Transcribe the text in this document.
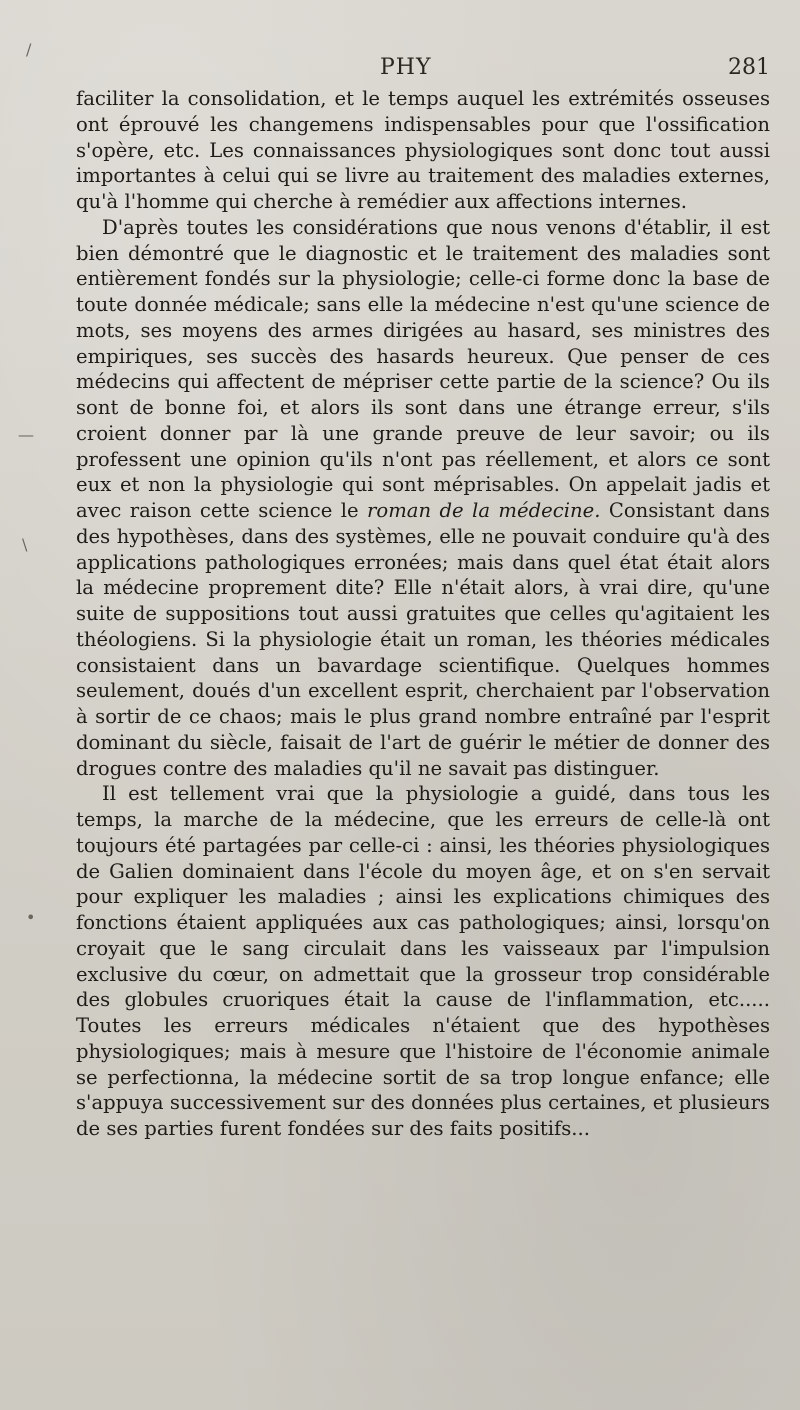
/
—
\
•
PHY	281

faciliter la consolidation, et le temps auquel les extrémités osseuses ont éprouvé les changemens indispensables pour que l'ossification s'opère, etc. Les connaissances physiologiques sont donc tout aussi importantes à celui qui se livre au traitement des maladies externes, qu'à l'homme qui cherche à remédier aux affections internes.

D'après toutes les considérations que nous venons d'établir, il est bien démontré que le diagnostic et le traitement des maladies sont entièrement fondés sur la physiologie; celle-ci forme donc la base de toute donnée médicale; sans elle la médecine n'est qu'une science de mots, ses moyens des armes dirigées au hasard, ses ministres des empiriques, ses succès des hasards heureux. Que penser de ces médecins qui affectent de mépriser cette partie de la science? Ou ils sont de bonne foi, et alors ils sont dans une étrange erreur, s'ils croient donner par là une grande preuve de leur savoir; ou ils professent une opinion qu'ils n'ont pas réellement, et alors ce sont eux et non la physiologie qui sont méprisables. On appelait jadis et avec raison cette science le roman de la médecine. Consistant dans des hypothèses, dans des systèmes, elle ne pouvait conduire qu'à des applications pathologiques erronées; mais dans quel état était alors la médecine proprement dite? Elle n'était alors, à vrai dire, qu'une suite de suppositions tout aussi gratuites que celles qu'agitaient les théologiens. Si la physiologie était un roman, les théories médicales consistaient dans un bavardage scientifique. Quelques hommes seulement, doués d'un excellent esprit, cherchaient par l'observation à sortir de ce chaos; mais le plus grand nombre entraîné par l'esprit dominant du siècle, faisait de l'art de guérir le métier de donner des drogues contre des maladies qu'il ne savait pas distinguer.

Il est tellement vrai que la physiologie a guidé, dans tous les temps, la marche de la médecine, que les erreurs de celle-là ont toujours été partagées par celle-ci : ainsi, les théories physiologiques de Galien dominaient dans l'école du moyen âge, et on s'en servait pour expliquer les maladies ; ainsi les explications chimiques des fonctions étaient appliquées aux cas pathologiques; ainsi, lorsqu'on croyait que le sang circulait dans les vaisseaux par l'impulsion exclusive du cœur, on admettait que la grosseur trop considérable des globules cruoriques était la cause de l'inflammation, etc..... Toutes les erreurs médicales n'étaient que des hypothèses physiologiques; mais à mesure que l'histoire de l'économie animale se perfectionna, la médecine sortit de sa trop longue enfance; elle s'appuya successivement sur des données plus certaines, et plusieurs de ses parties furent fondées sur des faits positifs...
